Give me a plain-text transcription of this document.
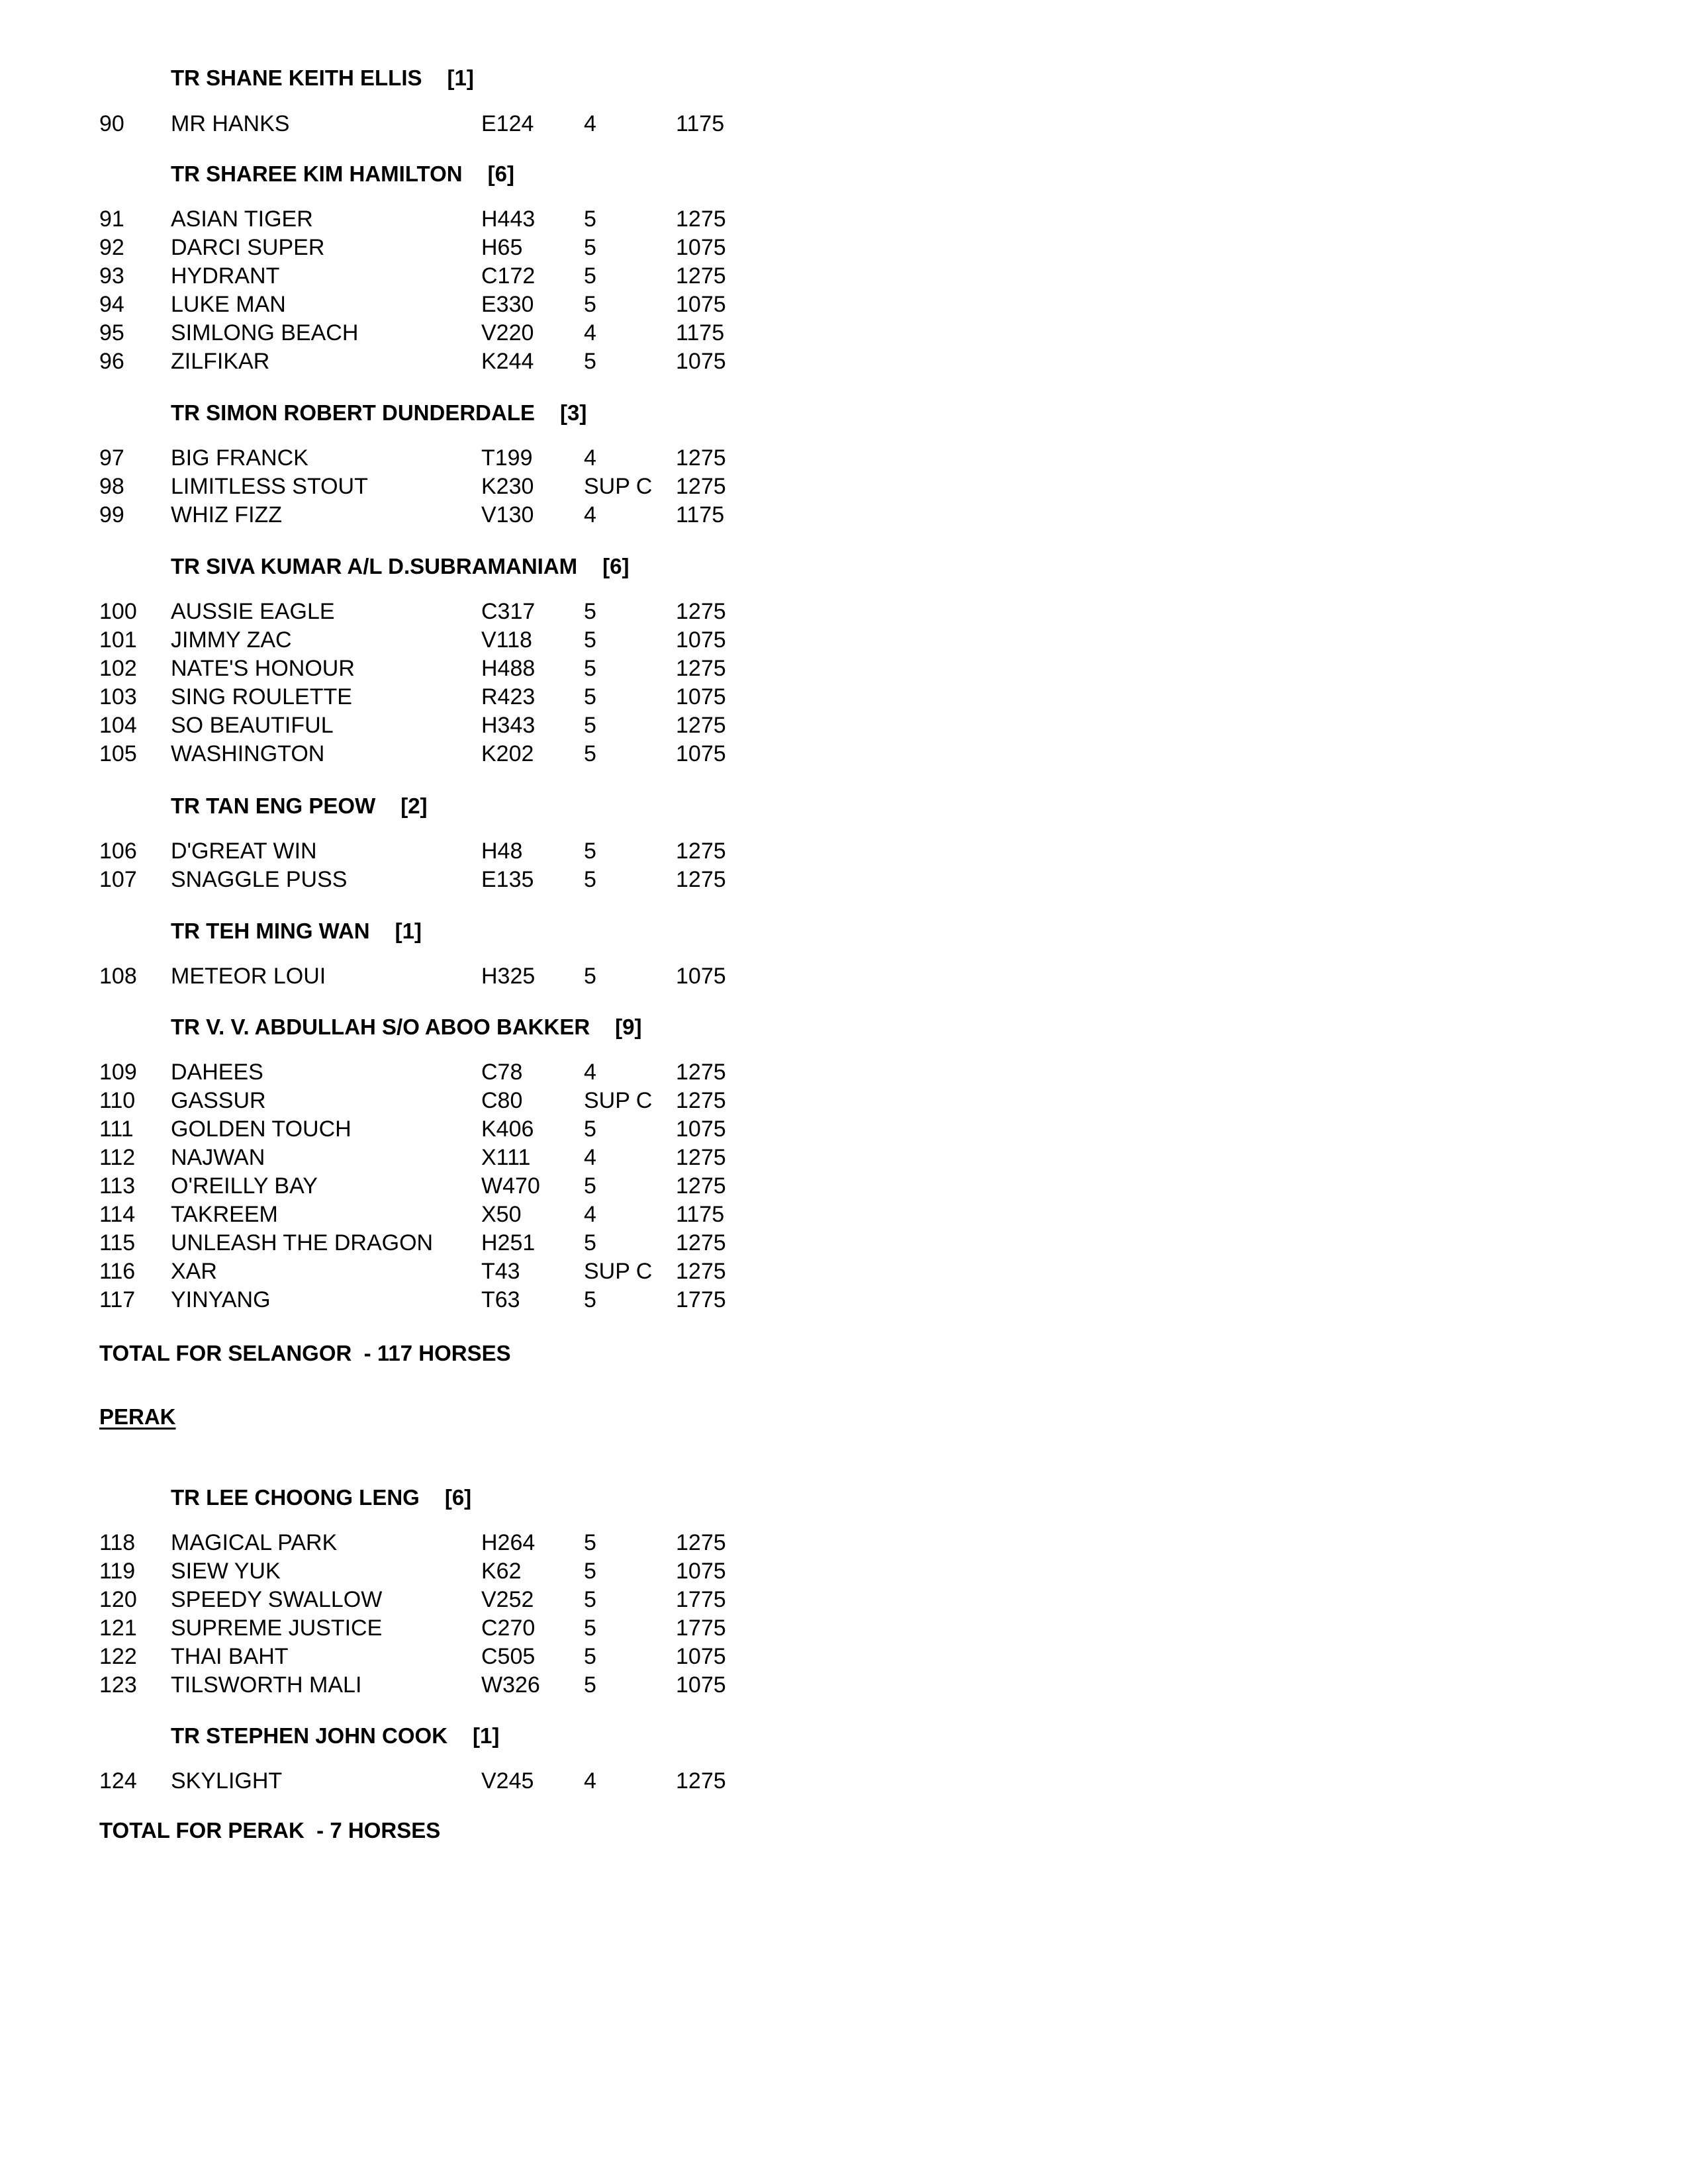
PERAK
TR SHANE KEITH ELLIS [1]
90 MR HANKS	E124 4	1175
TR SHAREE KIM HAMILTON [6]
91 ASIAN TIGER	H443 5	1275
92 DARCI SUPER	H65	5	1075
93 HYDRANT	C172 5	1275
94 LUKE MAN	E330 5	1075
95 SIMLONG BEACH	V220 4	1175
96 ZILFIKAR	K244 5	1075
TR SIMON ROBERT DUNDERDALE [3]
97 BIG FRANCK	T199 4	1275
98 LIMITLESS STOUT	K230 SUP C 1275
99 WHIZ FIZZ	V130 4	1175
TR SIVA KUMAR A/L D.SUBRAMANIAM [6]
100 AUSSIE EAGLE	C317 5	1275
101 JIMMY ZAC	V118 5	1075
102 NATE'S HONOUR	H488 5	1275
103 SING ROULETTE	R423 5	1075
104 SO BEAUTIFUL	H343 5	1275
105 WASHINGTON	K202 5	1075
TR TAN ENG PEOW [2]
106 D'GREAT WIN	H48	5	1275
107 SNAGGLE PUSS	E135 5	1275
TR TEH MING WAN [1]
108 METEOR LOUI	H325 5	1075
TR V. V. ABDULLAH S/O ABOO BAKKER [9]
109 DAHEES	C78	4	1275
110 GASSUR	C80	SUP C 1275
111 GOLDEN TOUCH	K406 5	1075
112 NAJWAN	X111 4	1275
113 O'REILLY BAY	W470 5	1275
114 TAKREEM	X50	4	1175
115 UNLEASH THE DRAGON H251 5	1275
116 XAR	T43	SUP C 1275
117 YINYANG	T63	5	1775
TR LEE CHOONG LENG [6]
118 MAGICAL PARK	H264 5	1275
119 SIEW YUK	K62	5	1075
120 SPEEDY SWALLOW	V252 5	1775
121 SUPREME JUSTICE	C270 5	1775
122 THAI BAHT	C505 5	1075
123 TILSWORTH MALI	W326 5	1075
TR STEPHEN JOHN COOK [1]
124 SKYLIGHT	V245 4	1275
TOTAL FOR SELANGOR  - 117 HORSES
TOTAL FOR PERAK  - 7 HORSES
